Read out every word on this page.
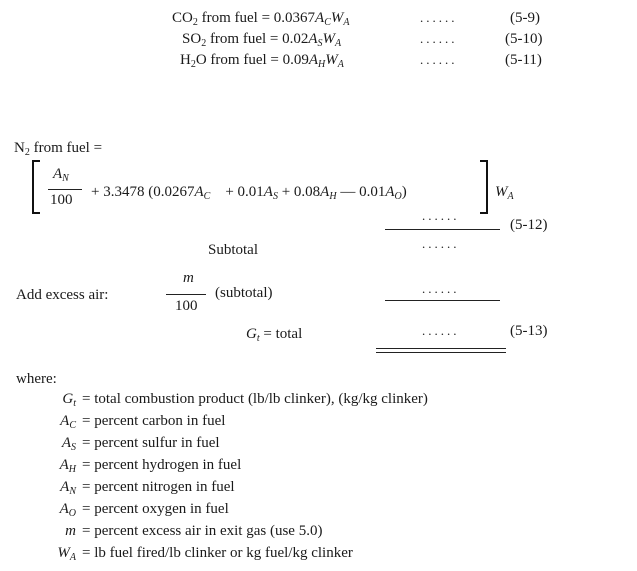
$CO_2$ from fuel = $0.0367A_CW_A$	......	(5-9)
$SO_2$ from fuel = $0.02A_SW_A$	......	(5-10)
$H_2O$ from fuel = $0.09A_HW_A$	......	(5-11)
$N_2$ from fuel =
$A_N$
100 + 3.3478 ($0.0267A_C + 0.01A_S + 0.08A_H$ — $0.01A_O$)	$W_A$
......
(5-12)
Subtotal	......
Add excess air:
m
100
(subtotal)	......
$G_t$ = total	......	(5-13)
where:
$G_t$ = total combustion product (lb/lb clinker), (kg/kg clinker)
$A_C$ = percent carbon in fuel
$A_S$ = percent sulfur in fuel
$A_H$ = percent hydrogen in fuel
$A_N$ = percent nitrogen in fuel
$A_O$ = percent oxygen in fuel
m = percent excess air in exit gas (use 5.0)
$W_A$ = lb fuel fired/lb clinker or kg fuel/kg clinker
